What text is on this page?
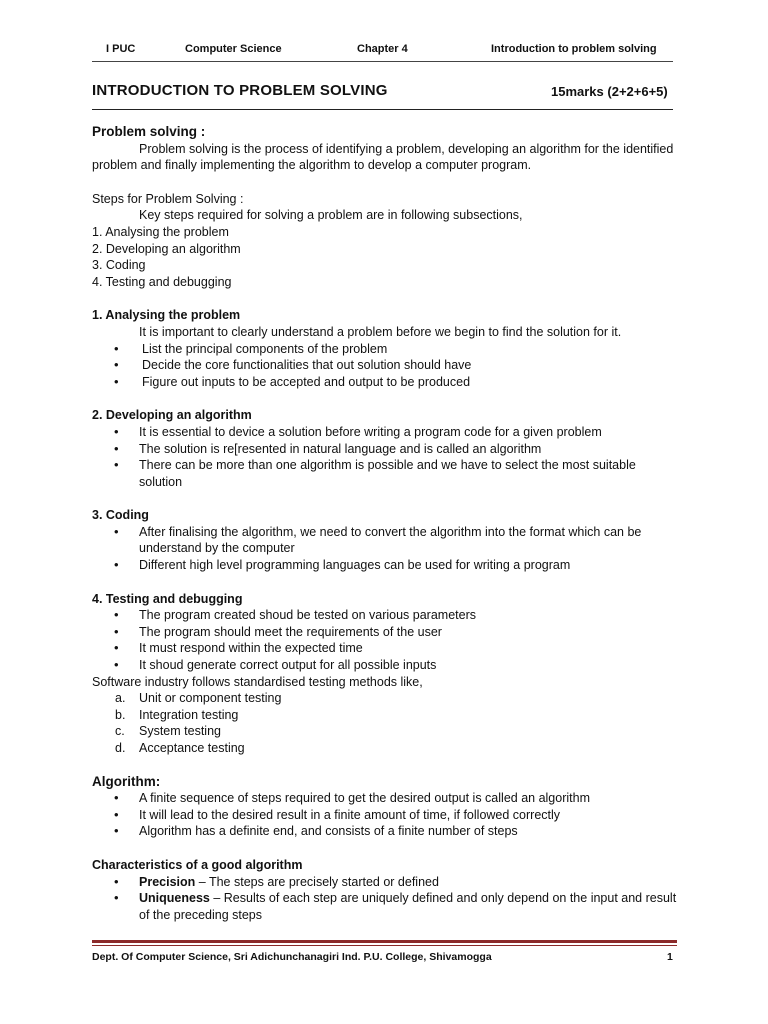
I PUC	Computer Science	Chapter 4	Introduction to problem solving
INTRODUCTION TO PROBLEM SOLVING	15marks (2+2+6+5)

Problem solving :

Problem solving is the process of identifying a problem, developing an algorithm for the identified problem and finally implementing the algorithm to develop a computer program.

Steps for Problem Solving :

Key steps required for solving a problem are in following subsections,

1. Analysing the problem

2. Developing an algorithm

3. Coding

4. Testing and debugging

1. Analysing the problem

It is important to clearly understand a problem before we begin to find the solution for it.

• List the principal components of the problem
• Decide the core functionalities that out solution should have
• Figure out inputs to be accepted and output to be produced

2. Developing an algorithm

• It is essential to device a solution before writing a program code for a given problem
• The solution is re[resented in natural language and is called an algorithm
• There can be more than one algorithm is possible and we have to select the most suitable solution

3. Coding

• After finalising the algorithm, we need to convert the algorithm into the format which can be understand by the computer
• Different high level programming languages can be used for writing a program

4. Testing and debugging

• The program created shoud be tested on various parameters
• The program should meet the requirements of the user
• It must respond within the expected time
• It shoud generate correct output for all possible inputs

Software industry follows standardised testing methods like,

a. Unit or component testing
b. Integration testing
c. System testing
d. Acceptance testing

Algorithm:

• A finite sequence of steps required to get the desired output is called an algorithm
• It will lead to the desired result in a finite amount of time, if followed correctly
• Algorithm has a definite end, and consists of a finite number of steps

Characteristics of a good algorithm

• Precision – The steps are precisely started or defined
• Uniqueness – Results of each step are uniquely defined and only depend on the input and result of the preceding steps
Dept. Of Computer Science, Sri Adichunchanagiri Ind. P.U. College, Shivamogga	1
